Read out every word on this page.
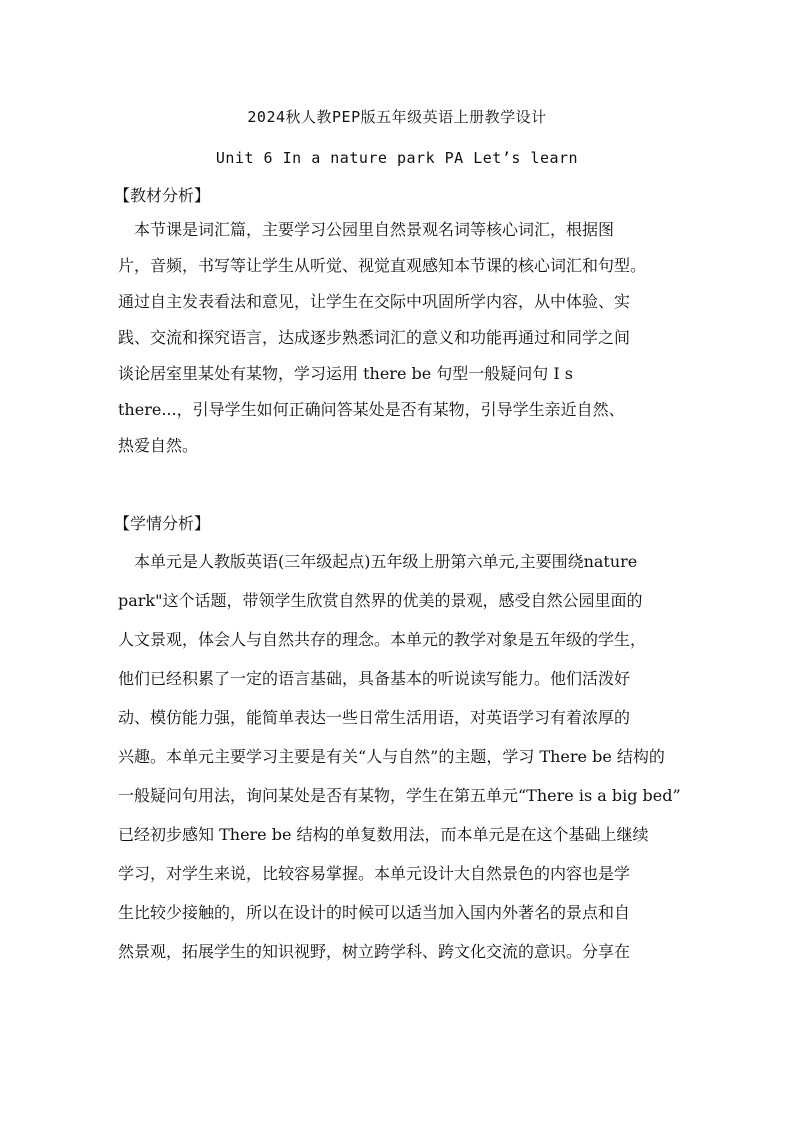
2024秋人教PEP版五年级英语上册教学设计
Unit 6 In a nature park PA Let’s learn
【教材分析】
本节课是词汇篇，主要学习公园里自然景观名词等核心词汇，根据图
片，音频，书写等让学生从听觉、视觉直观感知本节课的核心词汇和句型。
通过自主发表看法和意见，让学生在交际中巩固所学内容，从中体验、实
践、交流和探究语言，达成逐步熟悉词汇的意义和功能再通过和同学之间
谈论居室里某处有某物，学习运用 there be 句型一般疑问句 I s
there...，引导学生如何正确问答某处是否有某物，引导学生亲近自然、
热爱自然。
【学情分析】
本单元是人教版英语(三年级起点)五年级上册第六单元,主要围绕nature
park"这个话题，带领学生欣赏自然界的优美的景观，感受自然公园里面的
人文景观，体会人与自然共存的理念。本单元的教学对象是五年级的学生，
他们已经积累了一定的语言基础，具备基本的听说读写能力。他们活泼好
动、模仿能力强，能简单表达一些日常生活用语，对英语学习有着浓厚的
兴趣。本单元主要学习主要是有关“人与自然”的主题，学习 There be 结构的
一般疑问句用法，询问某处是否有某物，学生在第五单元“There is a big bed”
已经初步感知 There be 结构的单复数用法，而本单元是在这个基础上继续
学习，对学生来说，比较容易掌握。本单元设计大自然景色的内容也是学
生比较少接触的，所以在设计的时候可以适当加入国内外著名的景点和自
然景观，拓展学生的知识视野，树立跨学科、跨文化交流的意识。分享在
